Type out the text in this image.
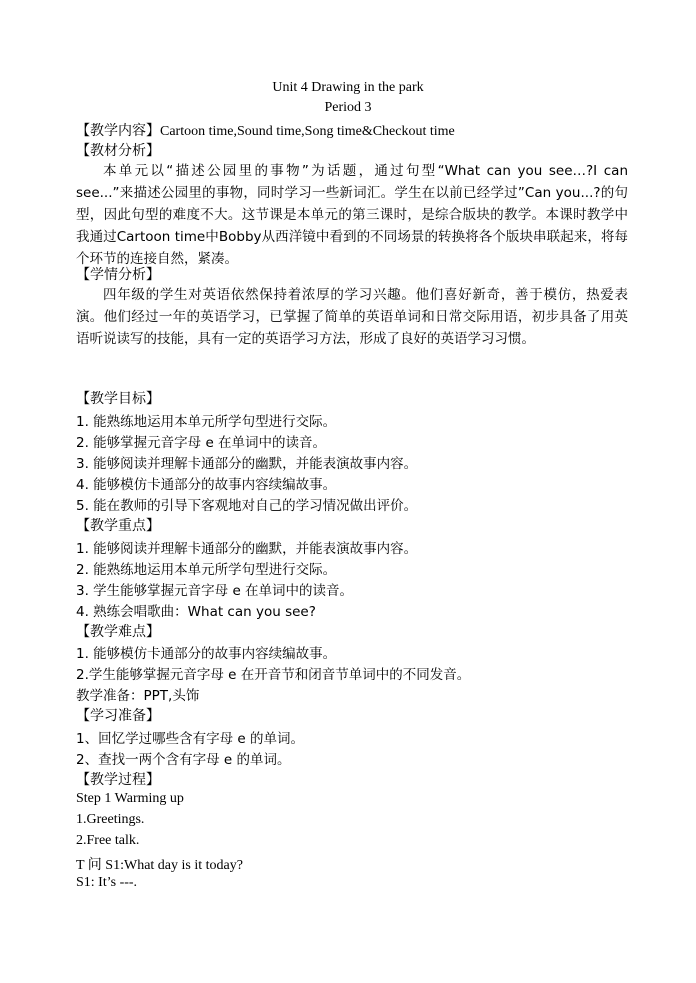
Unit 4 Drawing in the park
Period 3
【教学内容】Cartoon time,Sound time,Song time&Checkout time
【教材分析】
本单元以“描述公园里的事物”为话题，通过句型“What can you see…?I can see...”来描述公园里的事物，同时学习一些新词汇。学生在以前已经学过”Can you...?的句型，因此句型的难度不大。这节课是本单元的第三课时，是综合版块的教学。本课时教学中我通过Cartoon time中Bobby从西洋镜中看到的不同场景的转换将各个版块串联起来，将每个环节的连接自然，紧凑。
【学情分析】
四年级的学生对英语依然保持着浓厚的学习兴趣。他们喜好新奇，善于模仿，热爱表演。他们经过一年的英语学习，已掌握了简单的英语单词和日常交际用语，初步具备了用英语听说读写的技能，具有一定的英语学习方法，形成了良好的英语学习习惯。
【教学目标】
1. 能熟练地运用本单元所学句型进行交际。
2. 能够掌握元音字母 e 在单词中的读音。
3. 能够阅读并理解卡通部分的幽默，并能表演故事内容。
4. 能够模仿卡通部分的故事内容续编故事。
5. 能在教师的引导下客观地对自己的学习情况做出评价。
【教学重点】
1. 能够阅读并理解卡通部分的幽默，并能表演故事内容。
2. 能熟练地运用本单元所学句型进行交际。
3. 学生能够掌握元音字母 e 在单词中的读音。
4. 熟练会唱歌曲：What can you see?
【教学难点】
1. 能够模仿卡通部分的故事内容续编故事。
2.学生能够掌握元音字母 e 在开音节和闭音节单词中的不同发音。
教学准备：PPT,头饰
【学习准备】
1、回忆学过哪些含有字母 e 的单词。
2、查找一两个含有字母 e 的单词。
【教学过程】
Step 1 Warming up
1.Greetings.
2.Free talk.
T 问 S1:What day is it today?
S1: It’s ---.
